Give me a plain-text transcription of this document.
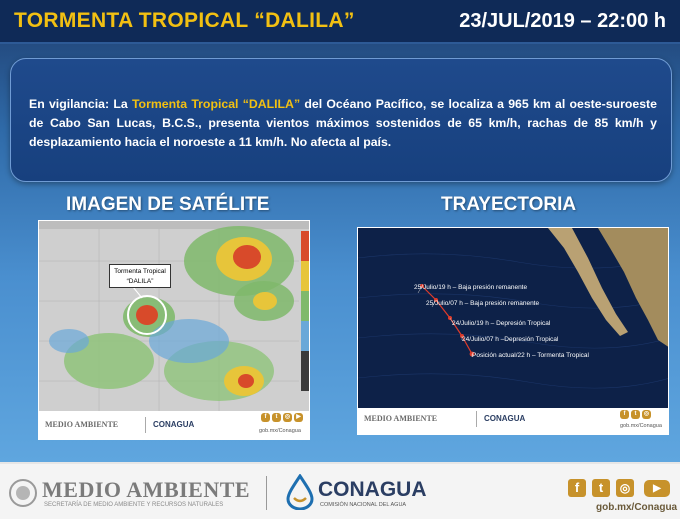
TORMENTA TROPICAL “DALILA”	23/JUL/2019 – 22:00 h

En vigilancia: La Tormenta Tropical “DALILA” del Océano Pacífico, se localiza a 965 km al oeste-suroeste de Cabo San Lucas, B.C.S., presenta vientos máximos sostenidos de 65 km/h, rachas de 85 km/h y desplazamiento hacia el noroeste a 11 km/h. No afecta al país.

IMAGEN DE SATÉLITE	TRAYECTORIA
Tormenta Tropical
“DALILA”
MEDIO AMBIENTE	CONAGUA
f	t	◎	▶
gob.mx/Conagua
25/Julio/19 h – Baja presión remanente
25/Julio/07 h – Baja presión remanente
24/Julio/19 h – Depresión Tropical
24/Julio/07 h –Depresión Tropical
Posición actual/22 h – Tormenta Tropical
MEDIO AMBIENTE	CONAGUA	f	t	◎
gob.mx/Conagua
MEDIO AMBIENTE
SECRETARÍA DE MEDIO AMBIENTE Y RECURSOS NATURALES
CONAGUA
COMISIÓN NACIONAL DEL AGUA
f	t	◎	▶
gob.mx/Conagua
